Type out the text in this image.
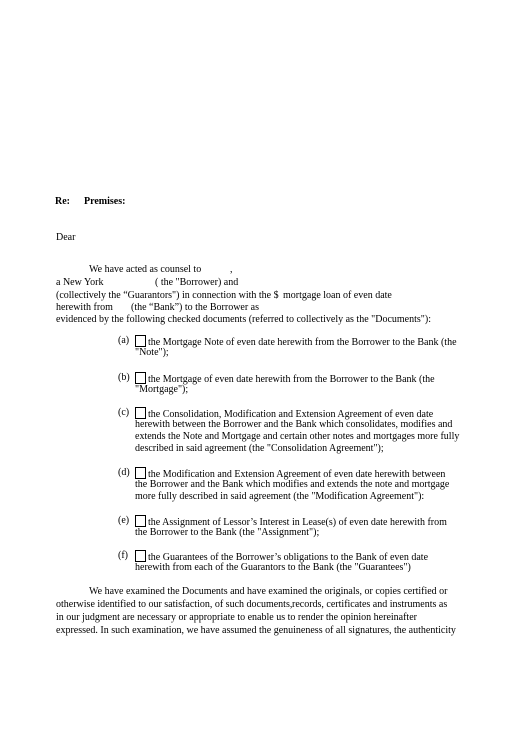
Re: Premises:
Dear
We have acted as counsel to	,
a New York	( the "Borrower) and
(collectively the “Guarantors") in connection with the $ mortgage loan of even date
herewith from (the “Bank”) to the Borrower as
evidenced by the following checked documents (referred to collectively as the "Documents"):
(a)	the Mortgage Note of even date herewith from the Borrower to the Bank (the
"Note");
(b)	the Mortgage of even date herewith from the Borrower to the Bank (the
"Mortgage");
(c)	the Consolidation, Modification and Extension Agreement of even date
herewith between the Borrower and the Bank which consolidates, modifies and
extends the Note and Mortgage and certain other notes and mortgages more fully
described in said agreement (the "Consolidation Agreement");
(d)	the Modification and Extension Agreement of even date herewith between
the Borrower and the Bank which modifies and extends the note and mortgage
more fully described in said agreement (the "Modification Agreement"):
(e)	the Assignment of Lessor’s Interest in Lease(s) of even date herewith from
the Borrower to the Bank (the "Assignment");
(f)	the Guarantees of the Borrower’s obligations to the Bank of even date
herewith from each of the Guarantors to the Bank (the "Guarantees")
We have examined the Documents and have examined the originals, or copies certified or
otherwise identified to our satisfaction, of such documents, records, certificates and instruments as
in our judgment are necessary or appropriate to enable us to render the opinion hereinafter
expressed. In such examination, we have assumed the genuineness of all signatures, the authenticity
